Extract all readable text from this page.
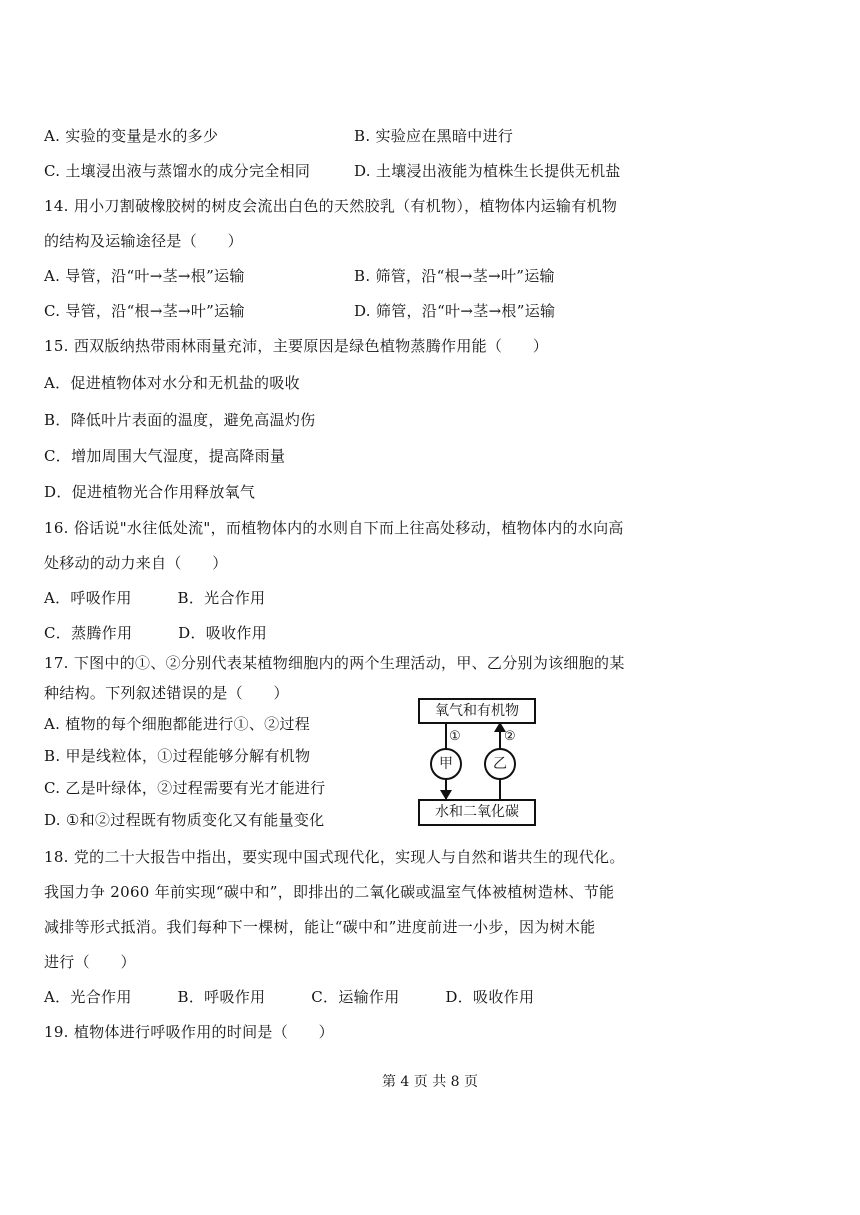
A. 实验的变量是水的多少	B. 实验应在黑暗中进行
C. 土壤浸出液与蒸馏水的成分完全相同	D. 土壤浸出液能为植株生长提供无机盐
14. 用小刀割破橡胶树的树皮会流出白色的天然胶乳（有机物），植物体内运输有机物
的结构及运输途径是（　　）
A. 导管，沿“叶→茎→根”运输	B. 筛管，沿“根→茎→叶”运输
C. 导管，沿“根→茎→叶”运输	D. 筛管，沿“叶→茎→根”运输
15. 西双版纳热带雨林雨量充沛，主要原因是绿色植物蒸腾作用能（　　）
A．促进植物体对水分和无机盐的吸收
B．降低叶片表面的温度，避免高温灼伤
C．增加周围大气湿度，提高降雨量
D．促进植物光合作用释放氧气
16. 俗话说"水往低处流"，而植物体内的水则自下而上往高处移动，植物体内的水向高
处移动的动力来自（　　）
A．呼吸作用　　　B．光合作用
C．蒸腾作用　　　D．吸收作用
17. 下图中的①、②分别代表某植物细胞内的两个生理活动，甲、乙分别为该细胞的某
种结构。下列叙述错误的是（　　）
A. 植物的每个细胞都能进行①、②过程
B. 甲是线粒体，①过程能够分解有机物
C. 乙是叶绿体，②过程需要有光才能进行
D. ①和②过程既有物质变化又有能量变化
18. 党的二十大报告中指出，要实现中国式现代化，实现人与自然和谐共生的现代化。
我国力争 2060 年前实现“碳中和”，即排出的二氧化碳或温室气体被植树造林、节能
减排等形式抵消。我们每种下一棵树，能让“碳中和”进度前进一小步，因为树木能
进行（　　）
A．光合作用　　　B．呼吸作用　　　C．运输作用　　　D．吸收作用
19. 植物体进行呼吸作用的时间是（　　）
氧气和有机物
①	②
甲	乙
水和二氧化碳
第 4 页 共 8 页
